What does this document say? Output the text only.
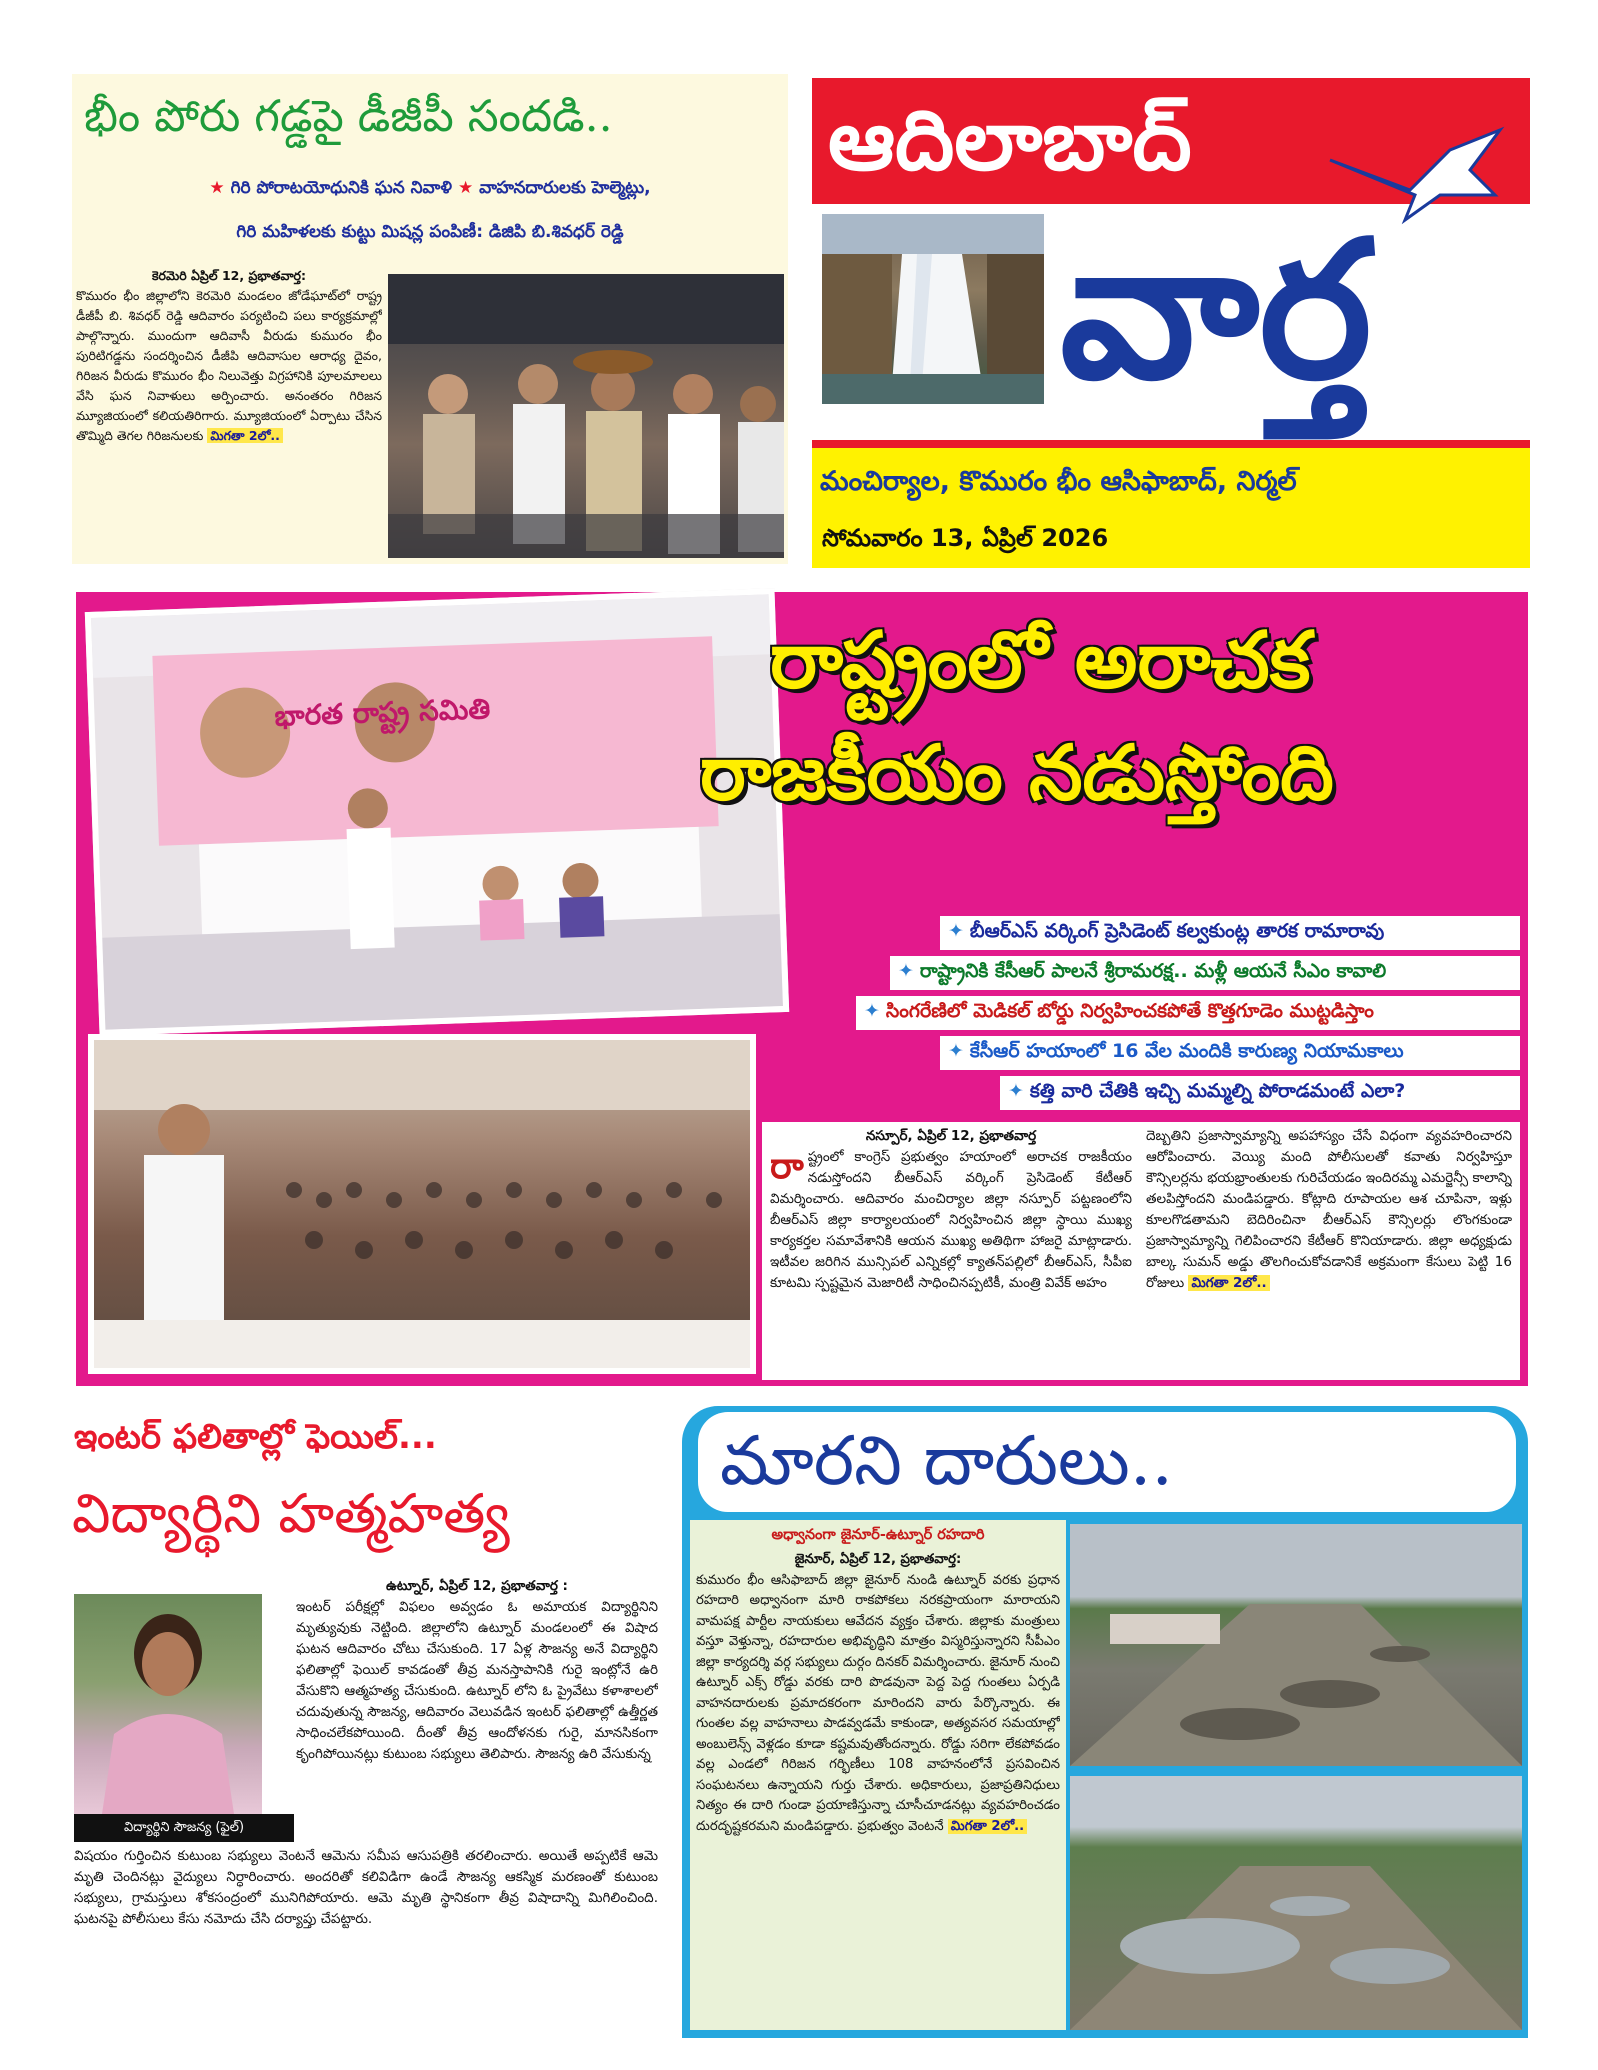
భీం పోరు గడ్డపై డీజీపీ సందడి..
★ గిరి పోరాటయోధునికి ఘన నివాళి ★ వాహనదారులకు హెల్మెట్లు,
గిరి మహిళలకు కుట్టు మిషన్ల పంపిణీ: డిజిపి బి.శివధర్ రెడ్డి
కెరమెరి ఏప్రిల్ 12, ప్రభాతవార్త:
కొమురం భీం జిల్లాలోని కెరమెరి మండలం జోడేఘాట్‌లో రాష్ట్ర డీజీపీ బి. శివధర్ రెడ్డి ఆదివారం పర్యటించి పలు కార్యక్రమాల్లో పాల్గొన్నారు. ముందుగా ఆదివాసీ వీరుడు కుమురం భీం పురిటిగడ్డను సందర్శించిన డీజీపి ఆదివాసుల ఆరాధ్య దైవం, గిరిజన వీరుడు కొమురం భీం నిలువెత్తు విగ్రహానికి పూలమాలలు వేసి ఘన నివాళులు అర్పించారు. అనంతరం గిరిజన మ్యూజియంలో కలియతిరిగారు. మ్యూజియంలో ఏర్పాటు చేసిన తొమ్మిది తెగల గిరిజనులకు మిగతా 2లో..
ఆదిలాబాద్
వార్త
మంచిర్యాల, కొమురం భీం ఆసిఫాబాద్, నిర్మల్
సోమవారం 13, ఏప్రిల్ 2026
భారత రాష్ట్ర సమితి
రాష్ట్రంలో అరాచక
రాజకీయం నడుస్తోంది
✦ బీఆర్ఎస్ వర్కింగ్ ప్రెసిడెంట్ కల్వకుంట్ల తారక రామారావు
✦ రాష్ట్రానికి కేసీఆర్ పాలనే శ్రీరామరక్ష.. మళ్లీ ఆయనే సీఎం కావాలి
✦ సింగరేణిలో మెడికల్ బోర్డు నిర్వహించకపోతే కొత్తగూడెం ముట్టడిస్తాం
✦ కేసీఆర్ హయాంలో 16 వేల మందికి కారుణ్య నియామకాలు
✦ కత్తి వారి చేతికి ఇచ్చి మమ్మల్ని పోరాడమంటే ఎలా?
నస్పూర్, ఏప్రిల్ 12, ప్రభాతవార్త
రా ష్ట్రంలో కాంగ్రెస్ ప్రభుత్వం హయాంలో అరాచక రాజకీయం నడుస్తోందని బీఆర్ఎస్ వర్కింగ్ ప్రెసిడెంట్ కేటీఆర్ విమర్శించారు. ఆదివారం మంచిర్యాల జిల్లా నస్పూర్ పట్టణంలోని బీఆర్ఎస్ జిల్లా కార్యాలయంలో నిర్వహించిన జిల్లా స్థాయి ముఖ్య కార్యకర్తల సమావేశానికి ఆయన ముఖ్య అతిథిగా హాజరై మాట్లాడారు. ఇటీవల జరిగిన మున్సిపల్ ఎన్నికల్లో క్యాతన్‌పల్లిలో బీఆర్ఎస్, సీపీఐ కూటమి స్పష్టమైన మెజారిటీ సాధించినప్పటికీ, మంత్రి వివేక్ అహం
దెబ్బతిని ప్రజాస్వామ్యాన్ని అపహాస్యం చేసే విధంగా వ్యవహరించారని ఆరోపించారు. వెయ్యి మంది పోలీసులతో కవాతు నిర్వహిస్తూ కౌన్సిలర్లను భయభ్రాంతులకు గురిచేయడం ఇందిరమ్మ ఎమర్జెన్సీ కాలాన్ని తలపిస్తోందని మండిపడ్డారు. కోట్లాది రూపాయల ఆశ చూపినా, ఇళ్లు కూలగొడతామని బెదిరించినా బీఆర్ఎస్ కౌన్సిలర్లు లొంగకుండా ప్రజాస్వామ్యాన్ని గెలిపించారని కేటీఆర్ కొనియాడారు. జిల్లా అధ్యక్షుడు బాల్క సుమన్ అడ్డు తొలగించుకోవడానికే అక్రమంగా కేసులు పెట్టి 16 రోజులు మిగతా 2లో..
ఇంటర్ ఫలితాల్లో ఫెయిల్...
విద్యార్థిని హత్మహత్య
విద్యార్థిని సౌజన్య (ఫైల్)
ఉట్నూర్, ఏప్రిల్ 12, ప్రభాతవార్త :
ఇంటర్ పరీక్షల్లో విఫలం అవ్వడం ఓ అమాయక విద్యార్థినిని మృత్యువుకు నెట్టింది. జిల్లాలోని ఉట్నూర్ మండలంలో ఈ విషాద ఘటన ఆదివారం చోటు చేసుకుంది. 17 ఏళ్ల సౌజన్య అనే విద్యార్థిని ఫలితాల్లో ఫెయిల్ కావడంతో తీవ్ర మనస్తాపానికి గురై ఇంట్లోనే ఉరి వేసుకొని ఆత్మహత్య చేసుకుంది. ఉట్నూర్ లోని ఓ ప్రైవేటు కళాశాలలో చదువుతున్న సౌజన్య, ఆదివారం వెలువడిన ఇంటర్ ఫలితాల్లో ఉత్తీర్ణత సాధించలేకపోయింది. దీంతో తీవ్ర ఆందోళనకు గురై, మానసికంగా కృంగిపోయినట్లు కుటుంబ సభ్యులు తెలిపారు. సౌజన్య ఉరి వేసుకున్న
విషయం గుర్తించిన కుటుంబ సభ్యులు వెంటనే ఆమెను సమీప ఆసుపత్రికి తరలించారు. అయితే అప్పటికే ఆమె మృతి చెందినట్లు వైద్యులు నిర్ధారించారు. అందరితో కలివిడిగా ఉండే సౌజన్య ఆకస్మిక మరణంతో కుటుంబ సభ్యులు, గ్రామస్తులు శోకసంద్రంలో మునిగిపోయారు. ఆమె మృతి స్థానికంగా తీవ్ర విషాదాన్ని మిగిలించింది. ఘటనపై పోలీసులు కేసు నమోదు చేసి దర్యాప్తు చేపట్టారు.
మారని దారులు..
అధ్వానంగా జైనూర్-ఉట్నూర్ రహదారి
జైనూర్, ఏప్రిల్ 12, ప్రభాతవార్త:
కుమురం భీం ఆసిఫాబాద్ జిల్లా జైనూర్ నుండి ఉట్నూర్ వరకు ప్రధాన రహదారి అధ్వానంగా మారి రాకపోకలు నరకప్రాయంగా మారాయని వామపక్ష పార్టీల నాయకులు ఆవేదన వ్యక్తం చేశారు. జిల్లాకు మంత్రులు వస్తూ వెళ్తున్నా, రహదారుల అభివృద్ధిని మాత్రం విస్మరిస్తున్నారని సీపీఎం జిల్లా కార్యదర్శి వర్గ సభ్యులు దుర్గం దినకర్ విమర్శించారు. జైనూర్ నుంచి ఉట్నూర్ ఎక్స్ రోడ్డు వరకు దారి పొడవునా పెద్ద పెద్ద గుంతలు ఏర్పడి వాహనదారులకు ప్రమాదకరంగా మారిందని వారు పేర్కొన్నారు. ఈ గుంతల వల్ల వాహనాలు పాడవ్వడమే కాకుండా, అత్యవసర సమయాల్లో అంబులెన్స్ వెళ్లడం కూడా కష్టమవుతోందన్నారు. రోడ్డు సరిగా లేకపోవడం వల్ల ఎండలో గిరిజన గర్భిణీలు 108 వాహనంలోనే ప్రసవించిన సంఘటనలు ఉన్నాయని గుర్తు చేశారు. అధికారులు, ప్రజాప్రతినిధులు నిత్యం ఈ దారి గుండా ప్రయాణిస్తున్నా చూసీచూడనట్లు వ్యవహరించడం దురదృష్టకరమని మండిపడ్డారు. ప్రభుత్వం వెంటనే మిగతా 2లో..
